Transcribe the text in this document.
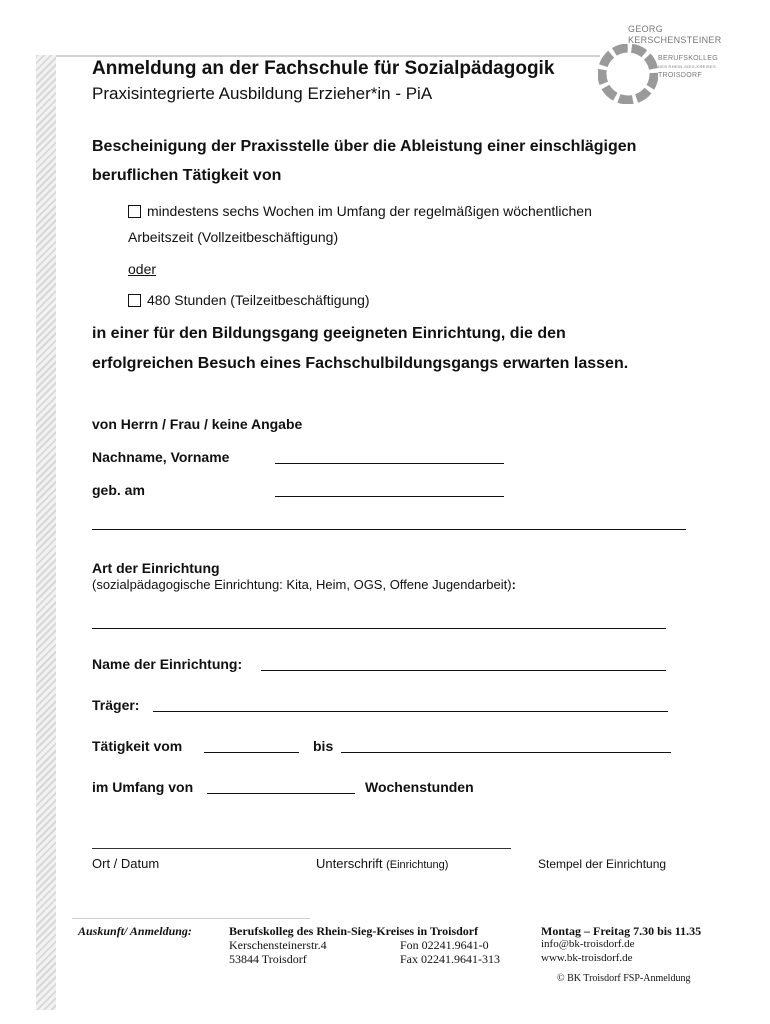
GEORG
KERSCHENSTEINER
BERUFSKOLLEG
DES RHEIN-SIEG-KREISES
TROISDORF
Anmeldung an der Fachschule für Sozialpädagogik
Praxisintegrierte Ausbildung Erzieher*in - PiA
Bescheinigung der Praxisstelle über die Ableistung einer einschlägigen
beruflichen Tätigkeit von
mindestens sechs Wochen im Umfang der regelmäßigen wöchentlichen
Arbeitszeit (Vollzeitbeschäftigung)
oder
480 Stunden (Teilzeitbeschäftigung)
in einer für den Bildungsgang geeigneten Einrichtung, die den
erfolgreichen Besuch eines Fachschulbildungsgangs erwarten lassen.
von Herrn / Frau / keine Angabe
Nachname, Vorname
geb. am
Art der Einrichtung
(sozialpädagogische Einrichtung: Kita, Heim, OGS, Offene Jugendarbeit):
Name der Einrichtung:
Träger:
Tätigkeit vom	bis
im Umfang von	Wochenstunden
Ort / Datum	Unterschrift (Einrichtung)	Stempel der Einrichtung
Auskunft/ Anmeldung:	Berufskolleg des Rhein-Sieg-Kreises in Troisdorf
Kerschensteinerstr.4
53844 Troisdorf
Fon 02241.9641-0
Fax 02241.9641-313
Montag – Freitag 7.30 bis 11.35
info@bk-troisdorf.de
www.bk-troisdorf.de
© BK Troisdorf FSP-Anmeldung
